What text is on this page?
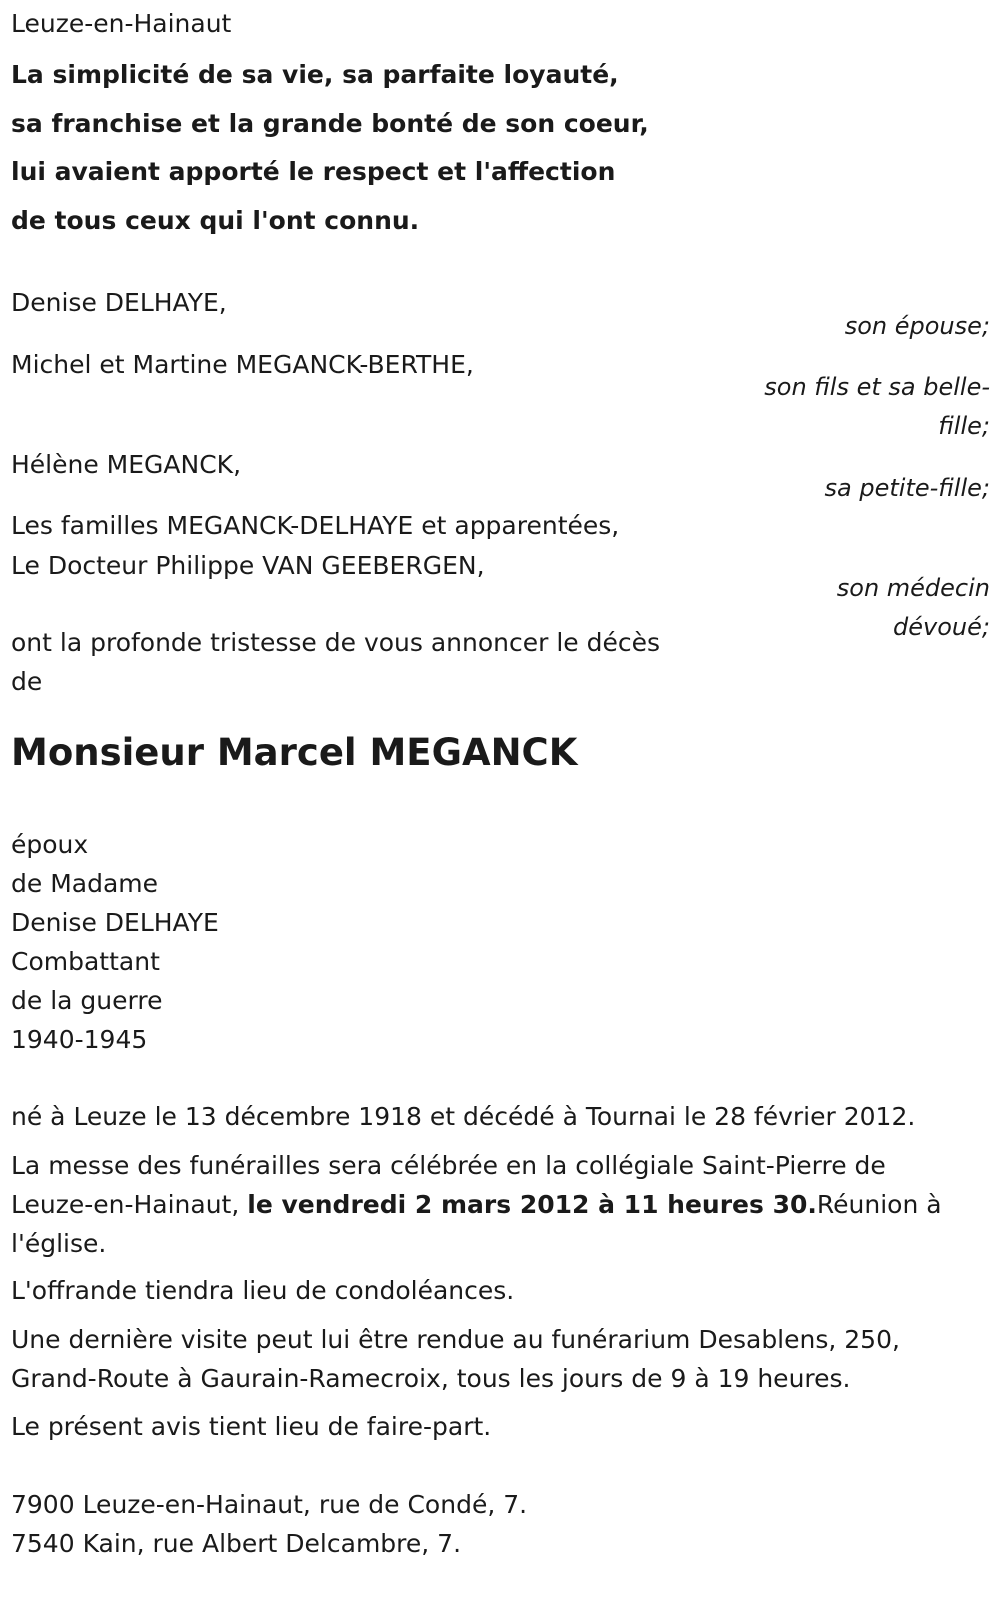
Leuze-en-Hainaut

La simplicité de sa vie, sa parfaite loyauté,

sa franchise et la grande bonté de son coeur,

lui avaient apporté le respect et l'affection

de tous ceux qui l'ont connu.

Denise DELHAYE,

Michel et Martine MEGANCK-BERTHE,

Hélène MEGANCK,

Les familles MEGANCK-DELHAYE et apparentées,

Le Docteur Philippe VAN GEEBERGEN,

son épouse;

son fils et sa belle-

fille;

sa petite-fille;

son médecin

dévoué;

ont la profonde tristesse de vous annoncer le décès

de

Monsieur Marcel MEGANCK

époux

de Madame

Denise DELHAYE

Combattant

de la guerre

1940-1945

né à Leuze le 13 décembre 1918 et décédé à Tournai le 28 février 2012.

La messe des funérailles sera célébrée en la collégiale Saint-Pierre de

Leuze-en-Hainaut, le vendredi 2 mars 2012 à 11 heures 30.Réunion à

l'église.

L'offrande tiendra lieu de condoléances.

Une dernière visite peut lui être rendue au funérarium Desablens, 250,

Grand-Route à Gaurain-Ramecroix, tous les jours de 9 à 19 heures.

Le présent avis tient lieu de faire-part.

7900 Leuze-en-Hainaut, rue de Condé, 7.

7540 Kain, rue Albert Delcambre, 7.
